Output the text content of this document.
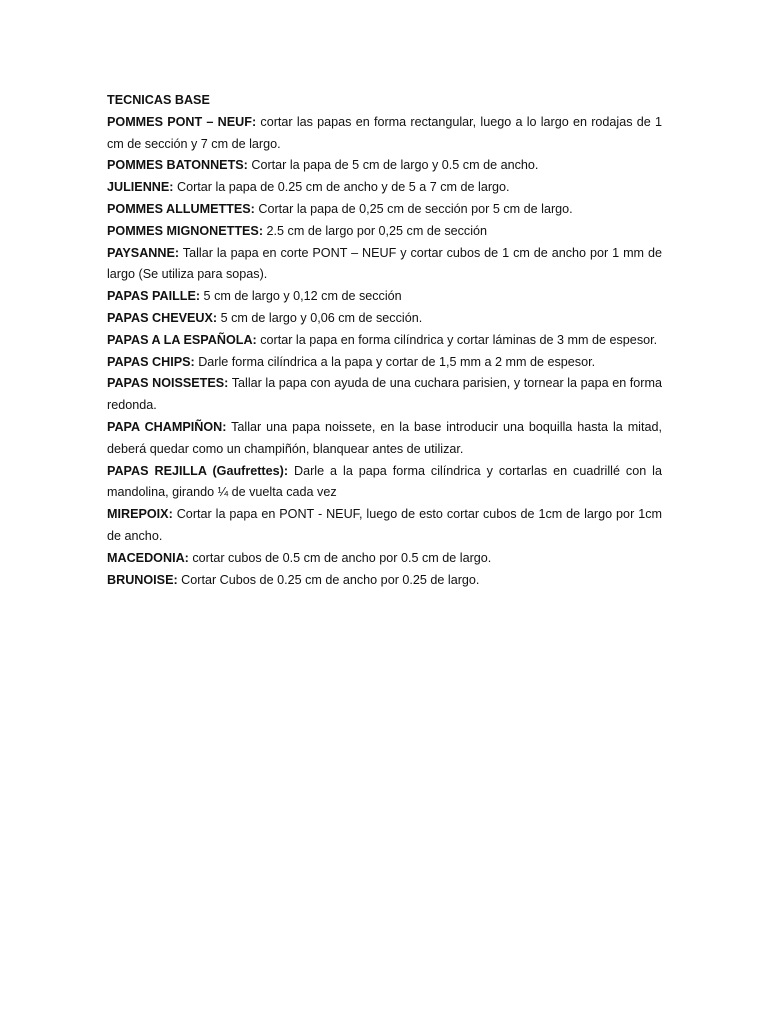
TECNICAS BASE

POMMES PONT – NEUF: cortar las papas en forma rectangular, luego a lo largo en rodajas de 1 cm de sección y 7 cm de largo.

POMMES BATONNETS: Cortar la papa de 5 cm de largo y 0.5 cm de ancho.

JULIENNE: Cortar la papa de 0.25 cm de ancho y de 5 a 7 cm de largo.

POMMES ALLUMETTES: Cortar la papa de 0,25 cm de sección por 5 cm de largo.

POMMES MIGNONETTES: 2.5 cm de largo por 0,25 cm de sección

PAYSANNE: Tallar la papa en corte PONT – NEUF y cortar cubos de 1 cm de ancho por 1 mm de largo (Se utiliza para sopas).

PAPAS PAILLE: 5 cm de largo y 0,12 cm de sección

PAPAS CHEVEUX: 5 cm de largo y 0,06 cm de sección.

PAPAS A LA ESPAÑOLA: cortar la papa en forma cilíndrica y cortar láminas de 3 mm de espesor.

PAPAS CHIPS: Darle forma cilíndrica a la papa y cortar de 1,5 mm a 2 mm de espesor.

PAPAS NOISSETES: Tallar la papa con ayuda de una cuchara parisien, y tornear la papa en forma redonda.

PAPA CHAMPIÑON: Tallar una papa noissete, en la base introducir una boquilla hasta la mitad, deberá quedar como un champiñón, blanquear antes de utilizar.

PAPAS REJILLA (Gaufrettes): Darle a la papa forma cilíndrica y cortarlas en cuadrillé con la mandolina, girando ¼ de vuelta cada vez

MIREPOIX: Cortar la papa en PONT - NEUF, luego de esto cortar cubos de 1cm de largo por 1cm de ancho.

MACEDONIA: cortar cubos de 0.5 cm de ancho por 0.5 cm de largo.

BRUNOISE: Cortar Cubos de 0.25 cm de ancho por 0.25 de largo.
